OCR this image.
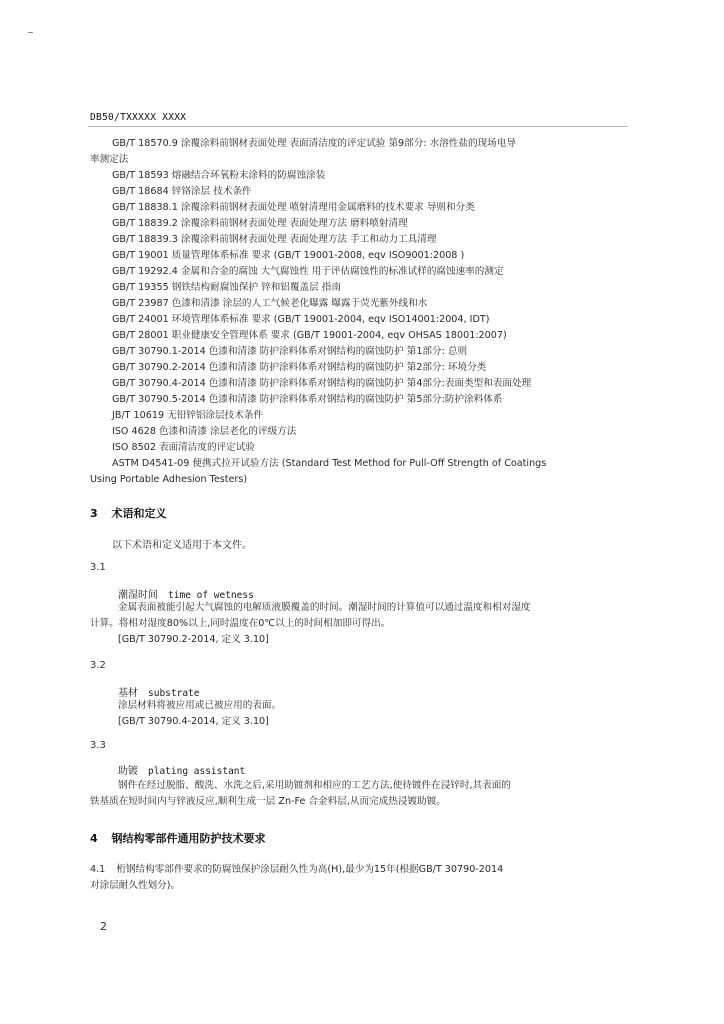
DB50/TXXXXX XXXX
GB/T 18570.9 涂覆涂料前钢材表面处理 表面清洁度的评定试验 第9部分: 水溶性盐的现场电导
率测定法
GB/T 18593 熔融结合环氧粉末涂料的防腐蚀涂装
GB/T 18684 锌铬涂层 技术条件
GB/T 18838.1 涂覆涂料前钢材表面处理 喷射清理用金属磨料的技术要求 导则和分类
GB/T 18839.2 涂覆涂料前钢材表面处理 表面处理方法 磨料喷射清理
GB/T 18839.3 涂覆涂料前钢材表面处理 表面处理方法 手工和动力工具清理
GB/T 19001 质量管理体系标准 要求 (GB/T 19001-2008, eqv ISO9001:2008 )
GB/T 19292.4 金属和合金的腐蚀 大气腐蚀性 用于评估腐蚀性的标准试样的腐蚀速率的测定
GB/T 19355 钢铁结构耐腐蚀保护 锌和铝覆盖层 指南
GB/T 23987 色漆和清漆 涂层的人工气候老化曝露 曝露于荧光紫外线和水
GB/T 24001 环境管理体系标准 要求 (GB/T 19001-2004, eqv ISO14001:2004, IDT)
GB/T 28001 职业健康安全管理体系 要求 (GB/T 19001-2004, eqv OHSAS 18001:2007)
GB/T 30790.1-2014 色漆和清漆 防护涂料体系对钢结构的腐蚀防护 第1部分: 总则
GB/T 30790.2-2014 色漆和清漆 防护涂料体系对钢结构的腐蚀防护 第2部分: 环境分类
GB/T 30790.4-2014 色漆和清漆 防护涂料体系对钢结构的腐蚀防护 第4部分:表面类型和表面处理
GB/T 30790.5-2014 色漆和清漆 防护涂料体系对钢结构的腐蚀防护 第5部分:防护涂料体系
JB/T 10619 无铅锌铝涂层技术条件
ISO 4628 色漆和清漆 涂层老化的评级方法
ISO 8502 表面清洁度的评定试验
ASTM D4541-09 便携式拉开试验方法 (Standard Test Method for Pull-Off Strength of Coatings
Using Portable Adhesion Testers)
3 术语和定义
以下术语和定义适用于本文件。
3.1
潮湿时间 time of wetness
金属表面被能引起大气腐蚀的电解质液膜覆盖的时间。潮湿时间的计算值可以通过温度和相对湿度
计算。将相对湿度80%以上,同时温度在0℃以上的时间相加即可得出。
[GB/T 30790.2-2014, 定义 3.10]
3.2
基材 substrate
涂层材料将被应用或已被应用的表面。
[GB/T 30790.4-2014, 定义 3.10]
3.3
助镀 plating assistant
钢件在经过脱脂、酸洗、水洗之后,采用助镀剂和相应的工艺方法,使待镀件在浸锌时,其表面的
铁基质在短时间内与锌液反应,顺利生成一层 Zn-Fe 合金料层,从而完成热浸镀助镀。
4 钢结构零部件通用防护技术要求
4.1 桁钢结构零部件要求的防腐蚀保护涂层耐久性为高(H),最少为15年(根据GB/T 30790-2014
对涂层耐久性划分)。
2
